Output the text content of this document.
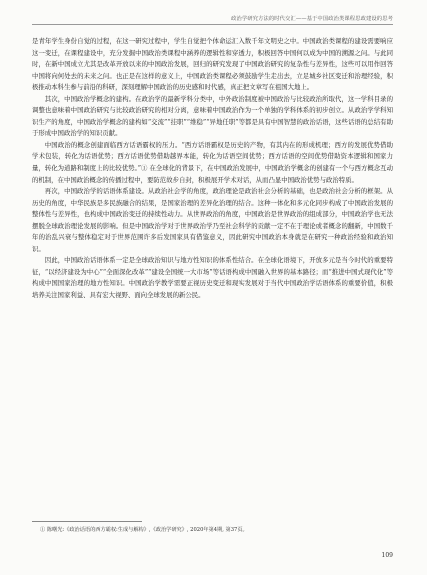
政治学研究方法的时代交汇——基于中国政治类课程思政建设的思考

是青年学生身份自觉的过程，在这一研究过程中，学生自觉把个体命运汇入数千年文明史之中。中国政治类课程的建设需要响应这一变迁，在课程建设中，充分发掘中国政治类课程中涵养的逻辑性和穿透力，积极回答中国何以成为中国的溯源之问。与此同时，在新中国成立尤其是改革开放以来的中国政治发展，回归的研究发现了中国政治研究的复杂性与差异性，这些可以用作回答中国将向何处去的未来之问。也正是在这样的意义上，中国政治类课程必须鼓励学生走出去，立足城乡社区变迁和治理经验，积极推动本科生参与前沿的科研，深刻理解中国政治的历史感和时代感，真正把文章写在祖国大地上。

其次，中国政治学概念的建构。在政治学的最新学科分类中，中外政治制度被中国政治与比较政治所取代，这一学科目录的调整也意味着中国政治研究与比较政治研究的相对分离，意味着中国政治作为一个单独的学科体系的初步创立。从政治学学科知识生产的角度，中国政治学概念的建构如“交流”“挂职”“维稳”“异地任职”等都是具有中国智慧的政治话语，这些话语的总结有助于形成中国政治学的知识贡献。

中国政治的概念创建面临西方话语霸权的压力。“西方话语霸权是历史的产物，有其内在的形成机理；西方的发展优势借助学术包装，转化为话语优势；西方话语优势借助越界本能，转化为话语空间优势；西方话语的空间优势借助资本逻辑和国家力量，转化为道路和制度上的比较优势。”① 在全球化的背景下，在中国政治发展中，中国政治学概念的创建有一个与西方概念互动的机制，在中国政治概念的传播过程中，要防范故步自封，积极展开学术对话，从而凸显中国政治优势与政治特质。

再次，中国政治学的话语体系建设。从政治社会学的角度，政治理论是政治社会分析的基础，也是政治社会分析的框架。从历史的角度，中华民族是多民族融合的结果，是国家治理的差异化治理的结合。这种一体化和多元化同步构成了中国政治发展的整体性与差异性，也构成中国政治变迁的持续性动力。从世界政治的角度，中国政治是世界政治的组成部分，中国政治学也无法摆脱全球政治理论发展的影响。但是中国政治学对于世界政治学乃至社会科学的贡献一定不在于理论或者概念的翻新，中国数千年的治乱兴衰与整体稳定对于世界范围许多后发国家具有借鉴意义，因此研究中国政治本身就是在研究一种政治经验和政治知识。

因此，中国政治话语体系一定是全球政治知识与地方性知识的体系性结合。在全球化语境下，开放多元是当今时代的重要特征，“以经济建设为中心”“全面深化改革”“建设全国统一大市场”等话语构成中国融入世界的基本路径；而“推进中国式现代化”等构成中国国家治理的地方性知识。中国政治学教学需要正视历史变迁和现实发展对于当代中国政治学话语体系的重要价值，积极培养关注国家利益、具有宏大视野、面向全球发展的新公民。

① 陈曙光:《政治话语的西方霸权:生成与解构》,《政治学研究》, 2020年第4期, 第37页。
109
